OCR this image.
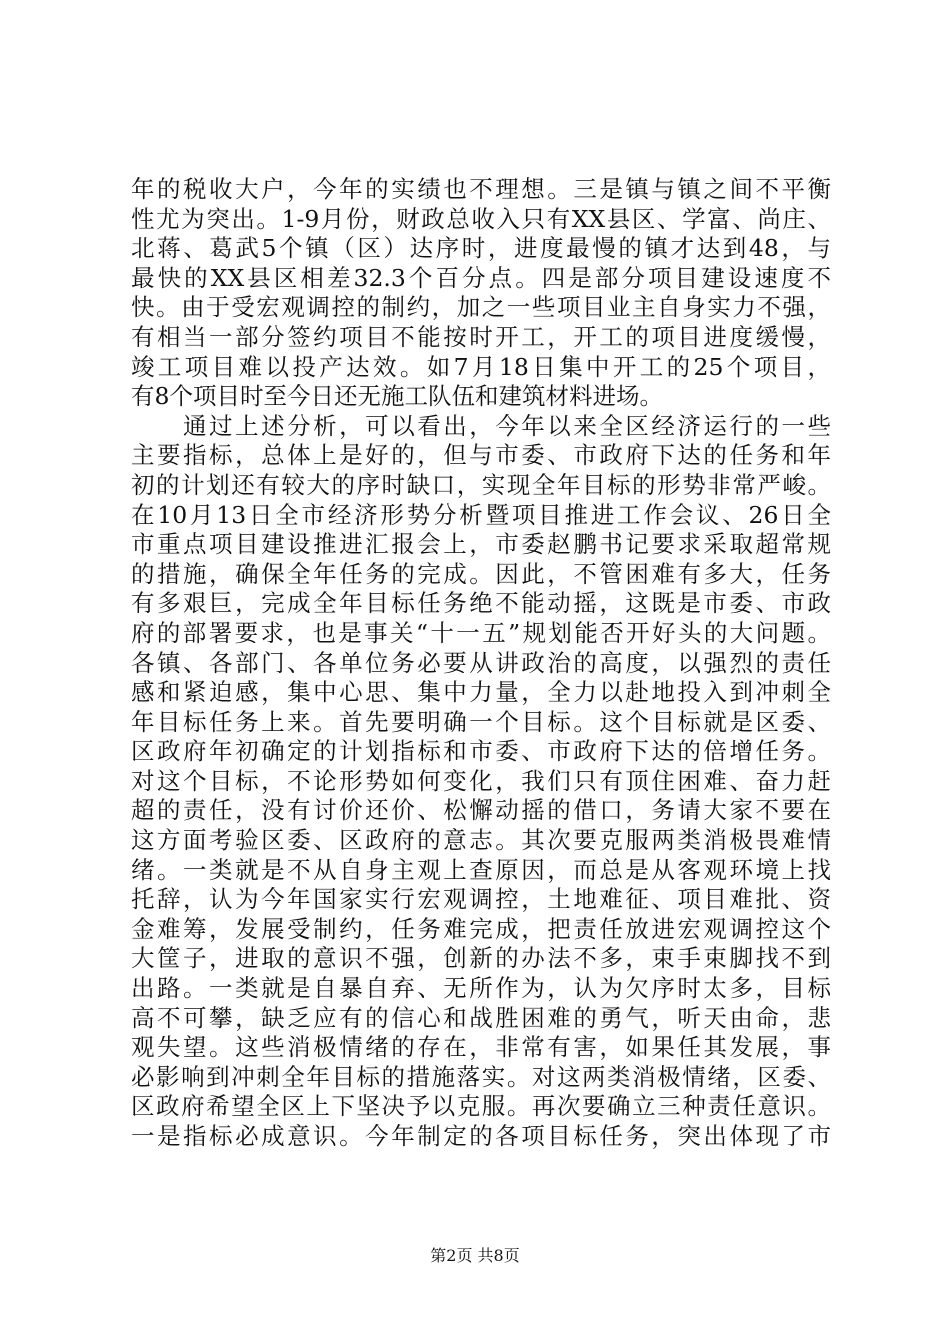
年的税收大户，今年的实绩也不理想。三是镇与镇之间不平衡
性尤为突出。1-9月份，财政总收入只有XX县区、学富、尚庄、
北蒋、葛武5个镇（区）达序时，进度最慢的镇才达到48，与
最快的XX县区相差32.3个百分点。四是部分项目建设速度不
快。由于受宏观调控的制约，加之一些项目业主自身实力不强，
有相当一部分签约项目不能按时开工，开工的项目进度缓慢，
竣工项目难以投产达效。如7月18日集中开工的25个项目，
有8个项目时至今日还无施工队伍和建筑材料进场。
　　通过上述分析，可以看出，今年以来全区经济运行的一些
主要指标，总体上是好的，但与市委、市政府下达的任务和年
初的计划还有较大的序时缺口，实现全年目标的形势非常严峻。
在10月13日全市经济形势分析暨项目推进工作会议、26日全
市重点项目建设推进汇报会上，市委赵鹏书记要求采取超常规
的措施，确保全年任务的完成。因此，不管困难有多大，任务
有多艰巨，完成全年目标任务绝不能动摇，这既是市委、市政
府的部署要求，也是事关“十一五”规划能否开好头的大问题。
各镇、各部门、各单位务必要从讲政治的高度，以强烈的责任
感和紧迫感，集中心思、集中力量，全力以赴地投入到冲刺全
年目标任务上来。首先要明确一个目标。这个目标就是区委、
区政府年初确定的计划指标和市委、市政府下达的倍增任务。
对这个目标，不论形势如何变化，我们只有顶住困难、奋力赶
超的责任，没有讨价还价、松懈动摇的借口，务请大家不要在
这方面考验区委、区政府的意志。其次要克服两类消极畏难情
绪。一类就是不从自身主观上查原因，而总是从客观环境上找
托辞，认为今年国家实行宏观调控，土地难征、项目难批、资
金难筹，发展受制约，任务难完成，把责任放进宏观调控这个
大筐子，进取的意识不强，创新的办法不多，束手束脚找不到
出路。一类就是自暴自弃、无所作为，认为欠序时太多，目标
高不可攀，缺乏应有的信心和战胜困难的勇气，听天由命，悲
观失望。这些消极情绪的存在，非常有害，如果任其发展，事
必影响到冲刺全年目标的措施落实。对这两类消极情绪，区委、
区政府希望全区上下坚决予以克服。再次要确立三种责任意识。
一是指标必成意识。今年制定的各项目标任务，突出体现了市
第2页 共8页
